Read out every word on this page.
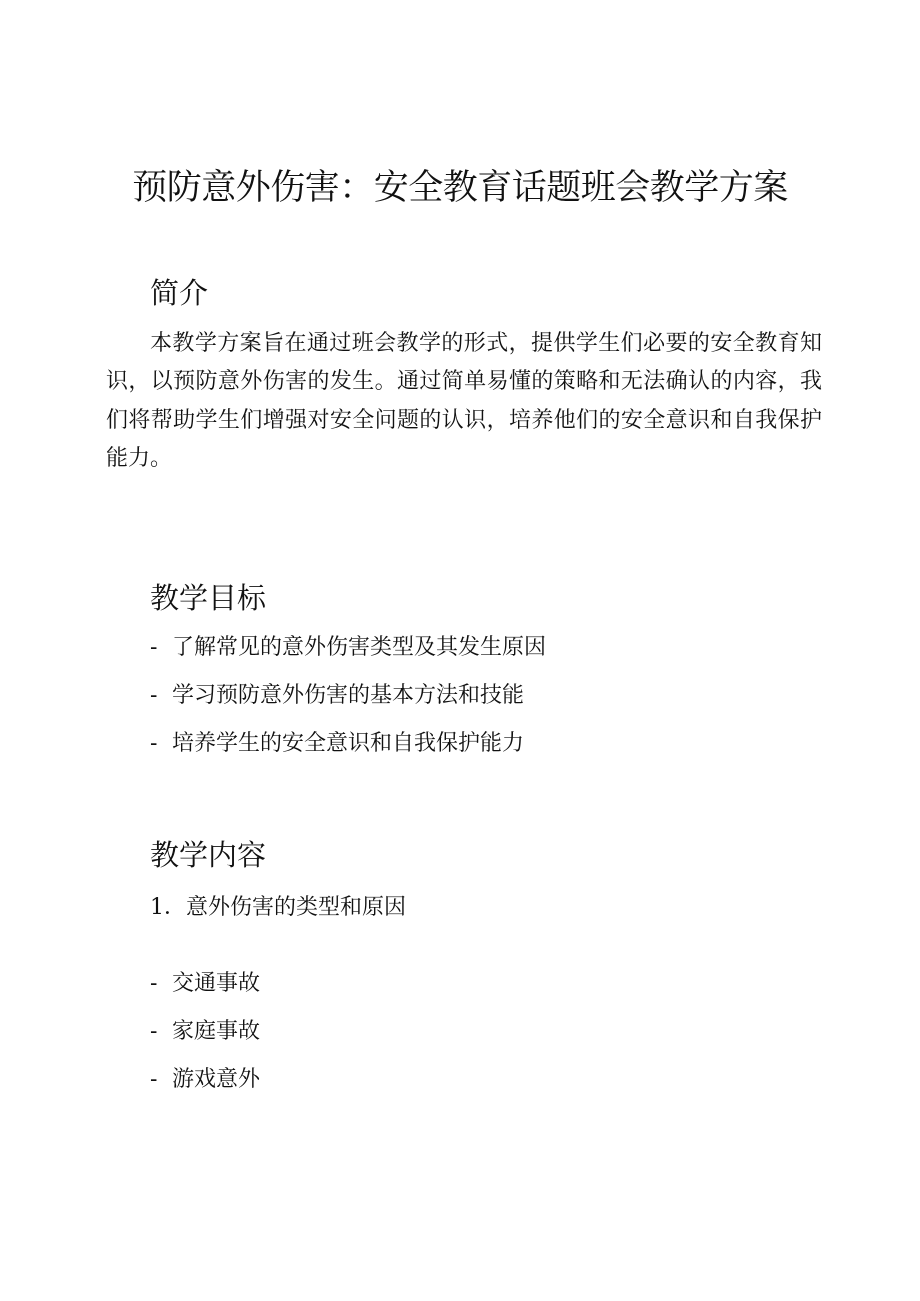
预防意外伤害：安全教育话题班会教学方案
简介

本教学方案旨在通过班会教学的形式，提供学生们必要的安全教育知识，以预防意外伤害的发生。通过简单易懂的策略和无法确认的内容，我们将帮助学生们增强对安全问题的认识，培养他们的安全意识和自我保护能力。

教学目标
- 了解常见的意外伤害类型及其发生原因
- 学习预防意外伤害的基本方法和技能
- 培养学生的安全意识和自我保护能力
教学内容
1．意外伤害的类型和原因
- 交通事故
- 家庭事故
- 游戏意外
